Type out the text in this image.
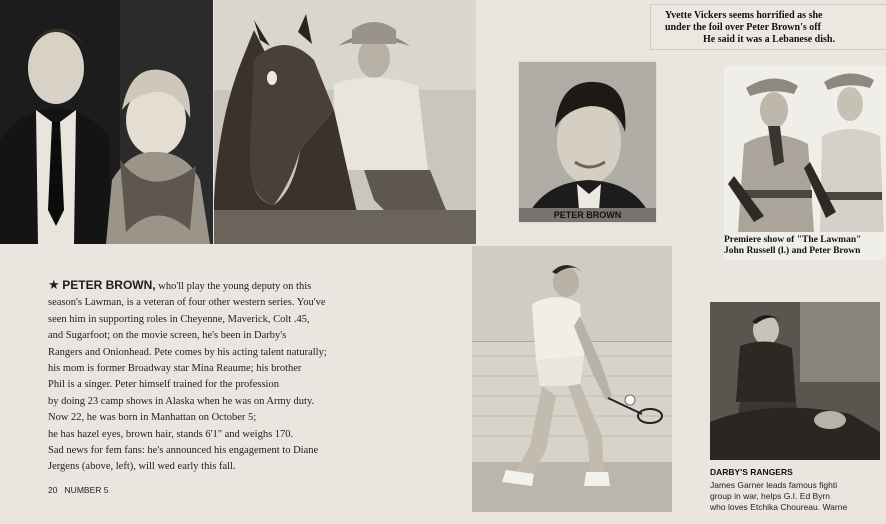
Yvette Vickers seems horrified as she
under the foil over Peter Brown's off
He said it was a Lebanese dish.
PETER BROWN
Premiere show of "The Lawman"
John Russell (l.) and Peter Brown

★ PETER BROWN, who'll play the young deputy on this

season's Lawman, is a veteran of four other western series. You've

seen him in supporting roles in Cheyenne, Maverick, Colt .45,

and Sugarfoot; on the movie screen, he's been in Darby's

Rangers and Onionhead. Pete comes by his acting talent naturally;

his mom is former Broadway star Mina Reaume; his brother

Phil is a singer. Peter himself trained for the profession

by doing 23 camp shows in Alaska when he was on Army duty.

Now 22, he was born in Manhattan on October 5;

he has hazel eyes, brown hair, stands 6'1" and weighs 170.

Sad news for fem fans: he's announced his engagement to Diane

Jergens (above, left), will wed early this fall.

20   NUMBER 5
DARBY'S RANGERS
James Garner leads famous fighti
group in war, helps G.I. Ed Byrn
who loves Etchika Choureau. Warne
